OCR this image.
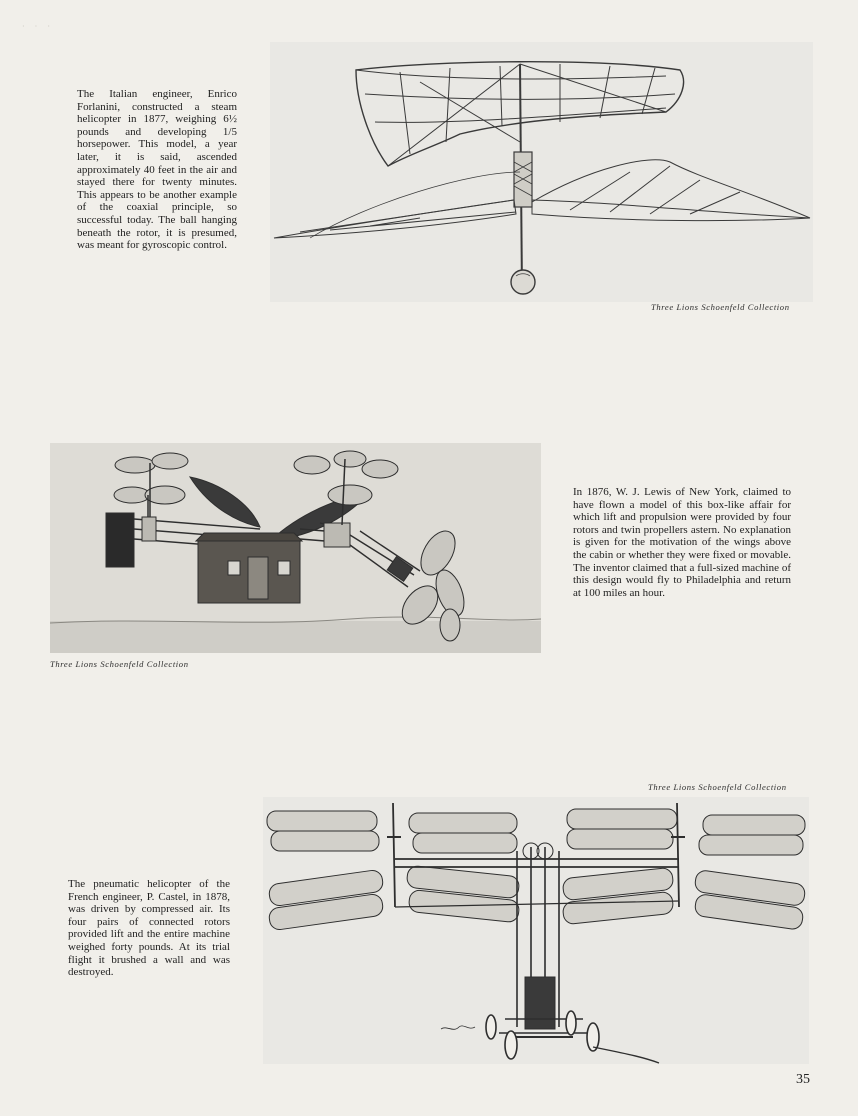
· · ·

The Italian engineer, Enrico Forlanini, constructed a steam helicopter in 1877, weighing 6½ pounds and developing 1/5 horsepower. This model, a year later, it is said, ascended approximately 40 feet in the air and stayed there for twenty minutes. This appears to be another example of the coaxial principle, so successful today. The ball hanging beneath the rotor, it is presumed, was meant for gyroscopic control.

Three Lions Schoenfeld Collection
Three Lions Schoenfeld Collection

In 1876, W. J. Lewis of New York, claimed to have flown a model of this box-like affair for which lift and propulsion were provided by four rotors and twin propellers astern. No explanation is given for the motivation of the wings above the cabin or whether they were fixed or movable. The inventor claimed that a full-sized machine of this design would fly to Philadelphia and return at 100 miles an hour.

Three Lions Schoenfeld Collection

The pneumatic helicopter of the French engineer, P. Castel, in 1878, was driven by compressed air. Its four pairs of connected rotors provided lift and the entire machine weighed forty pounds. At its trial flight it brushed a wall and was destroyed.

35
